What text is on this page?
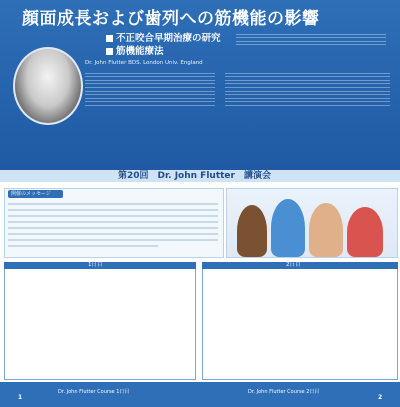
顔面成長および歯列への筋機能の影響
不正咬合早期治療の研究
筋機能療法
Dr. John Flutter BDS. London Univ. England
第20回　Dr. John Flutter　講演会
開催のメッセージ
1日目	2日目
1
Dr. John Flutter Course 1日目	Dr. John Flutter Course 2日目
2
